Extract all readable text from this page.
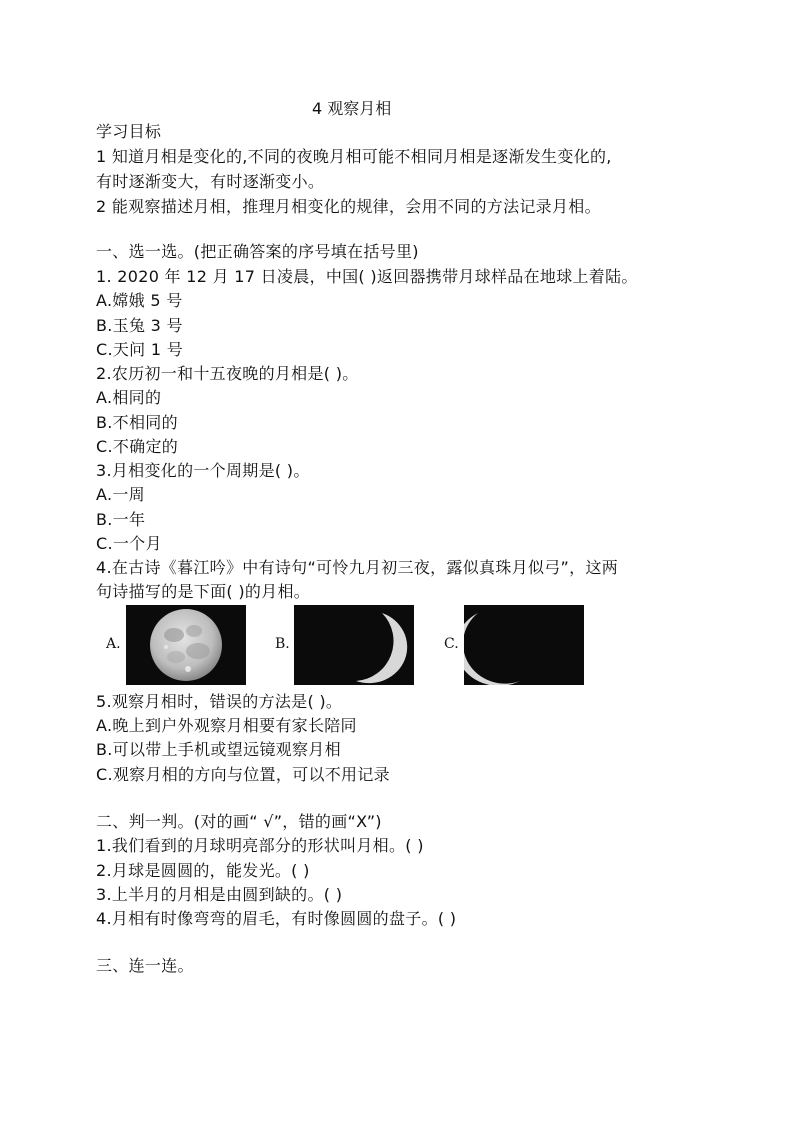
4 观察月相
学习目标
1 知道月相是变化的,不同的夜晚月相可能不相同月相是逐渐发生变化的,
有时逐渐变大，有时逐渐变小。
2 能观察描述月相，推理月相变化的规律，会用不同的方法记录月相。
一、选一选。(把正确答案的序号填在括号里)
1. 2020 年 12 月 17 日凌晨，中国( )返回器携带月球样品在地球上着陆。
A.嫦娥 5 号
B.玉兔 3 号
C.天问 1 号
2.农历初一和十五夜晚的月相是( )。
A.相同的
B.不相同的
C.不确定的
3.月相变化的一个周期是( )。
A.一周
B.一年
C.一个月
4.在古诗《暮江吟》中有诗句“可怜九月初三夜，露似真珠月似弓”，这两
句诗描写的是下面( )的月相。
A.	B.	C.
5.观察月相时，错误的方法是( )。
A.晚上到户外观察月相要有家长陪同
B.可以带上手机或望远镜观察月相
C.观察月相的方向与位置，可以不用记录
二、判一判。(对的画“ √”，错的画“X”)
1.我们看到的月球明亮部分的形状叫月相。( )
2.月球是圆圆的，能发光。( )
3.上半月的月相是由圆到缺的。( )
4.月相有时像弯弯的眉毛，有时像圆圆的盘子。( )
三、连一连。
